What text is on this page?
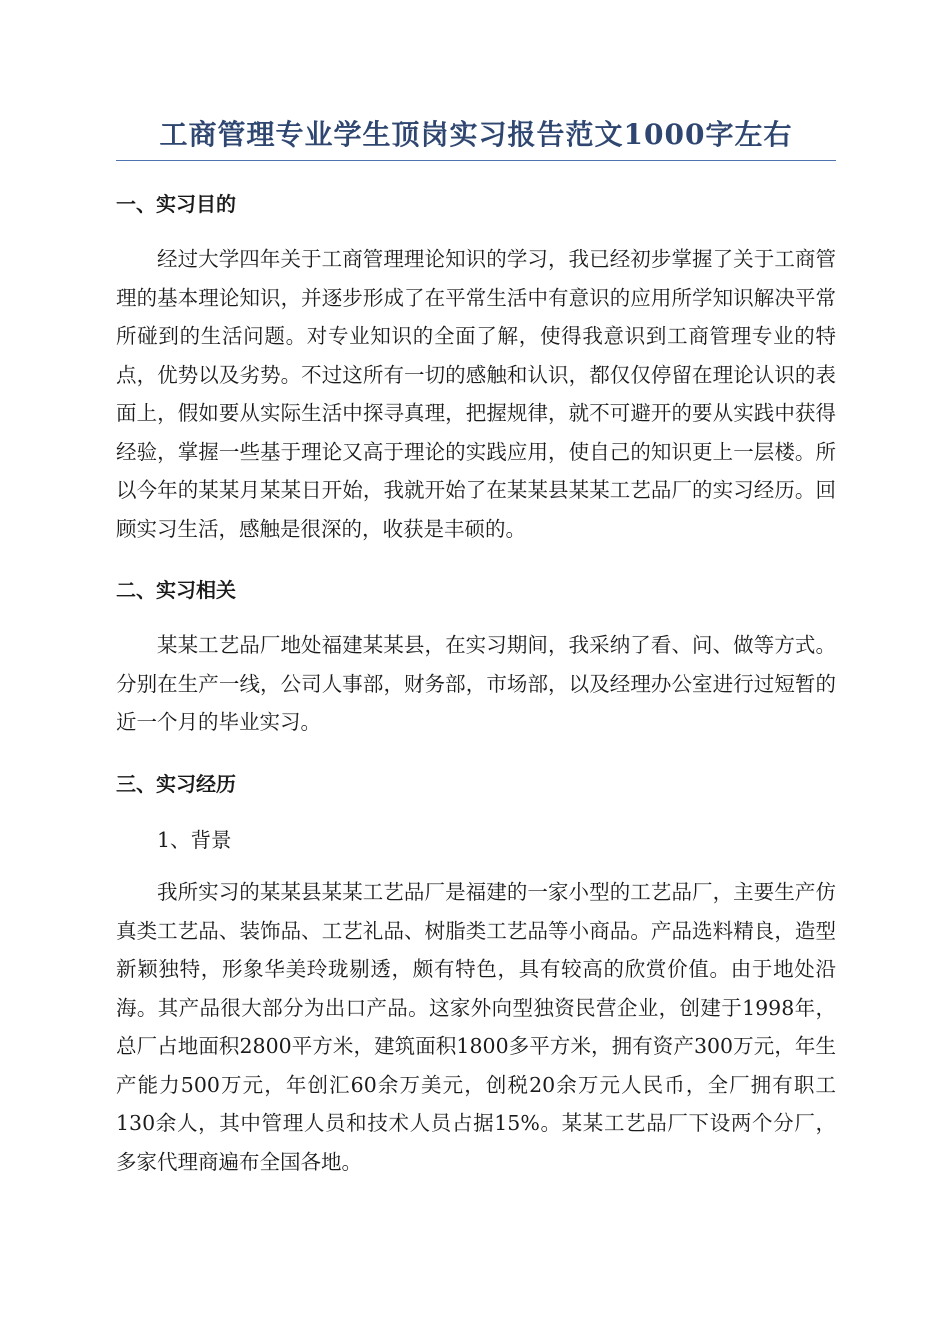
工商管理专业学生顶岗实习报告范文1000字左右
一、实习目的

经过大学四年关于工商管理理论知识的学习，我已经初步掌握了关于工商管理的基本理论知识，并逐步形成了在平常生活中有意识的应用所学知识解决平常所碰到的生活问题。对专业知识的全面了解，使得我意识到工商管理专业的特点，优势以及劣势。不过这所有一切的感触和认识，都仅仅停留在理论认识的表面上，假如要从实际生活中探寻真理，把握规律，就不可避开的要从实践中获得经验，掌握一些基于理论又高于理论的实践应用，使自己的知识更上一层楼。所以今年的某某月某某日开始，我就开始了在某某县某某工艺品厂的实习经历。回顾实习生活，感触是很深的，收获是丰硕的。

二、实习相关

某某工艺品厂地处福建某某县，在实习期间，我采纳了看、问、做等方式。分别在生产一线，公司人事部，财务部，市场部，以及经理办公室进行过短暂的近一个月的毕业实习。

三、实习经历

1、背景

我所实习的某某县某某工艺品厂是福建的一家小型的工艺品厂，主要生产仿真类工艺品、装饰品、工艺礼品、树脂类工艺品等小商品。产品选料精良，造型新颖独特，形象华美玲珑剔透，颇有特色，具有较高的欣赏价值。由于地处沿海。其产品很大部分为出口产品。这家外向型独资民营企业，创建于1998年，总厂占地面积2800平方米，建筑面积1800多平方米，拥有资产300万元，年生产能力500万元，年创汇60余万美元，创税20余万元人民币，全厂拥有职工130余人，其中管理人员和技术人员占据15%。某某工艺品厂下设两个分厂，多家代理商遍布全国各地。
